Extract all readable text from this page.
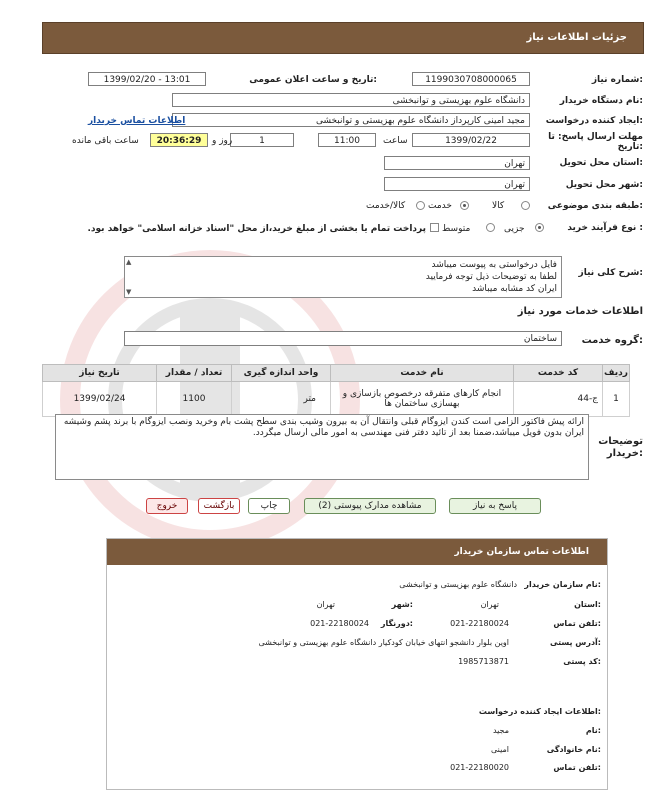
جزئیات اطلاعات نیاز
شماره نیاز:
1199030708000065
تاریخ و ساعت اعلان عمومی:
1399/02/20 - 13:01
نام دستگاه خریدار:
دانشگاه علوم بهزیستی و توانبخشی
ایجاد کننده درخواست:
مجید امینی کارپرداز دانشگاه علوم بهزیستی و توانبخشی
اطلاعات تماس خریدار
مهلت ارسال پاسخ: تا تاریخ:
1399/02/22
ساعت
11:00
1
روز و
20:36:29
ساعت باقی مانده
استان محل تحویل:
تهران
شهر محل تحویل:
تهران
طبقه بندی موضوعی:
کالا
خدمت
کالا/خدمت
نوع فرآیند خرید :
جزیی
متوسط
پرداخت تمام یا بخشی از مبلغ خرید،از محل "اسناد خزانه اسلامی" خواهد بود.
شرح کلی نیاز:
فایل درخواستی به پیوست میباشد
لطفا به توضیحات ذیل توجه فرمایید
ایران کد مشابه میباشد
▲
▼
اطلاعات خدمات مورد نیاز
گروه خدمت:
ساختمان
ردیف	کد خدمت	نام خدمت	واحد اندازه گیری	تعداد / مقدار	تاریخ نیاز
1	ج-44	انجام کارهای متفرقه درخصوص بازسازی و بهسازی ساختمان ها	متر	1100	1399/02/24
توضیحات خریدار:
ارائه پیش فاکتور الزامی است کندن ایزوگام قبلی وانتقال آن به بیرون وشیب بندی سطح پشت بام وخرید ونصب ایزوگام با برند پشم وشیشه ایران بدون فویل میباشد،ضمنا بعد از تائید دفتر فنی مهندسی به امور مالی ارسال میگردد.
پاسخ به نیاز
مشاهده مدارک پیوستی (2)
چاپ
بازگشت
خروج
اطلاعات تماس سازمان خریدار
نام سازمان خریدار:
دانشگاه علوم بهزیستی و توانبخشی
استان:
تهران
شهر:
تهران
تلفن تماس:
021-22180024
دورنگار:
021-22180024
آدرس پستی:
اوین بلوار دانشجو انتهای خیابان کودکیار دانشگاه علوم بهزیستی و توانبخشی
کد پستی:
1985713871
اطلاعات ایجاد کننده درخواست:
نام:
مجید
نام خانوادگی:
امینی
تلفن تماس:
021-22180020
